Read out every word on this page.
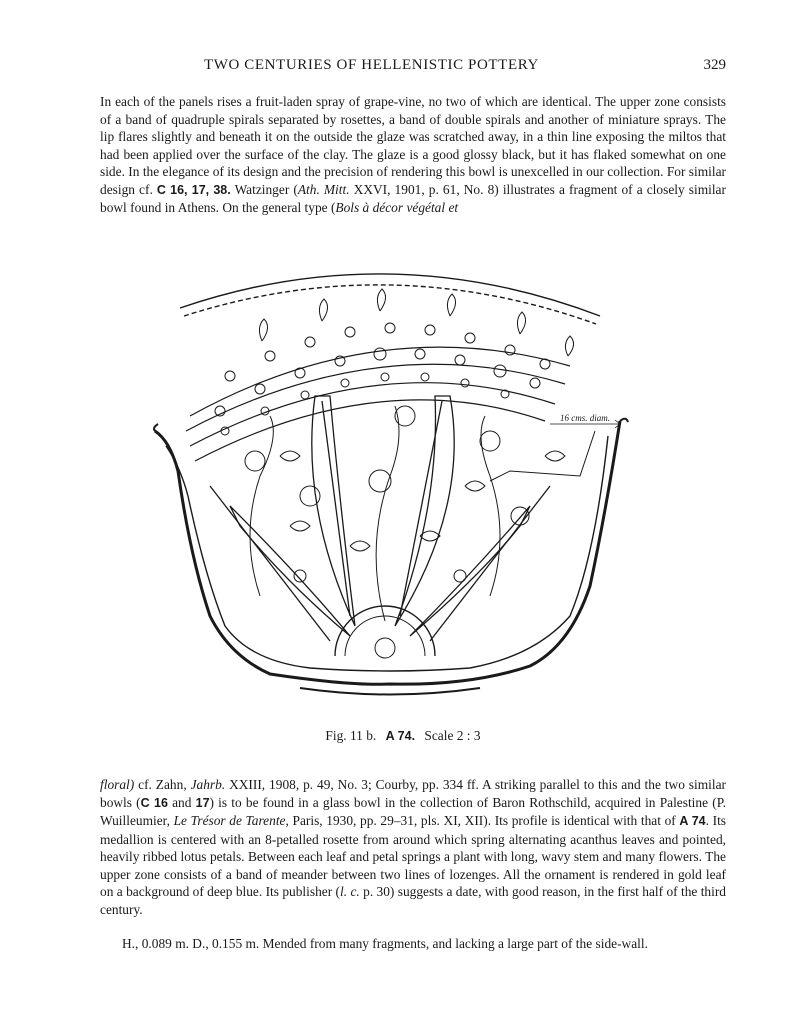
TWO CENTURIES OF HELLENISTIC POTTERY	329

In each of the panels rises a fruit-laden spray of grape-vine, no two of which are identical. The upper zone consists of a band of quadruple spirals separated by rosettes, a band of double spirals and another of miniature sprays. The lip flares slightly and beneath it on the outside the glaze was scratched away, in a thin line exposing the miltos that had been applied over the surface of the clay. The glaze is a good glossy black, but it has flaked somewhat on one side. In the elegance of its design and the precision of rendering this bowl is unexcelled in our collection. For similar design cf. C 16, 17, 38. Watzinger (Ath. Mitt. XXVI, 1901, p. 61, No. 8) illustrates a fragment of a closely similar bowl found in Athens. On the general type (Bols à décor végétal et

16 cms. diam.
Fig. 11 b. A 74. Scale 2 : 3

floral) cf. Zahn, Jahrb. XXIII, 1908, p. 49, No. 3; Courby, pp. 334 ff. A striking parallel to this and the two similar bowls (C 16 and 17) is to be found in a glass bowl in the collection of Baron Rothschild, acquired in Palestine (P. Wuilleumier, Le Trésor de Tarente, Paris, 1930, pp. 29–31, pls. XI, XII). Its profile is identical with that of A 74. Its medallion is centered with an 8-petalled rosette from around which spring alternating acanthus leaves and pointed, heavily ribbed lotus petals. Between each leaf and petal springs a plant with long, wavy stem and many flowers. The upper zone consists of a band of meander between two lines of lozenges. All the ornament is rendered in gold leaf on a background of deep blue. Its publisher (l. c. p. 30) suggests a date, with good reason, in the first half of the third century.

H., 0.089 m. D., 0.155 m. Mended from many fragments, and lacking a large part of the side-wall.
